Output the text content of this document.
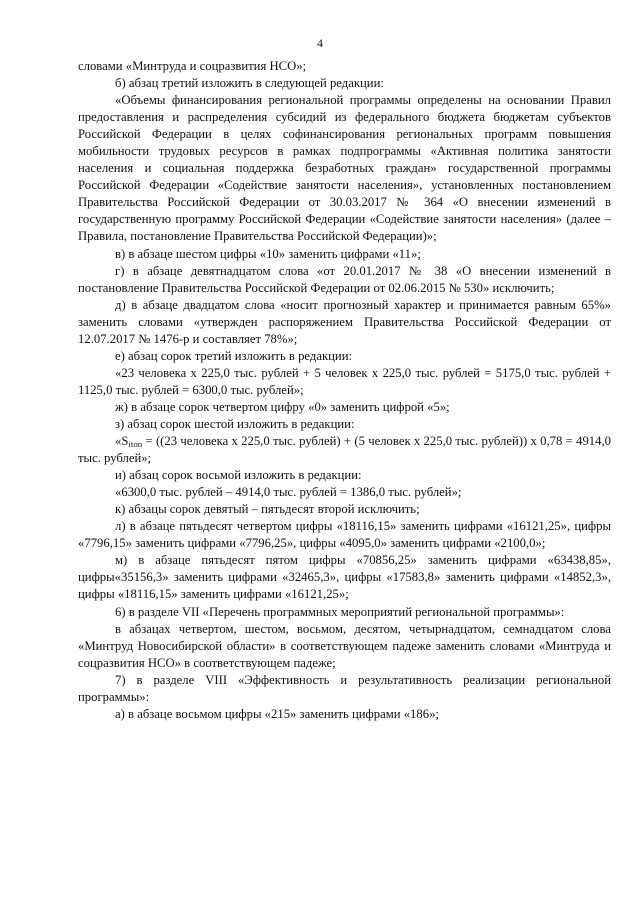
4

словами «Минтруда и соцразвития НСО»;

б) абзац третий изложить в следующей редакции:

«Объемы финансирования региональной программы определены на основании Правил предоставления и распределения субсидий из федерального бюджета бюджетам субъектов Российской Федерации в целях софинансирования региональных программ повышения мобильности трудовых ресурсов в рамках подпрограммы «Активная политика занятости населения и социальная поддержка безработных граждан» государственной программы Российской Федерации «Содействие занятости населения», установленных постановлением Правительства Российской Федерации от 30.03.2017 № 364 «О внесении изменений в государственную программу Российской Федерации «Содействие занятости населения» (далее – Правила, постановление Правительства Российской Федерации)»;

в) в абзаце шестом цифры «10» заменить цифрами «11»;

г) в абзаце девятнадцатом слова «от 20.01.2017 № 38 «О внесении изменений в постановление Правительства Российской Федерации от 02.06.2015 № 530» исключить;

д) в абзаце двадцатом слова «носит прогнозный характер и принимается равным 65%» заменить словами «утвержден распоряжением Правительства Российской Федерации от 12.07.2017 № 1476-р и составляет 78%»;

е) абзац сорок третий изложить в редакции:

«23 человека х 225,0 тыс. рублей + 5 человек х 225,0 тыс. рублей = 5175,0 тыс. рублей + 1125,0 тыс. рублей = 6300,0 тыс. рублей»;

ж) в абзаце сорок четвертом цифру «0» заменить цифрой «5»;

з) абзац сорок шестой изложить в редакции:

«$S_{iton} = ((23$ человека х 225,0 тыс. рублей) + (5 человек х 225,0 тыс. рублей)) х 0,78 = 4914,0 тыс. рублей»;

и) абзац сорок восьмой изложить в редакции:

«6300,0 тыс. рублей – 4914,0 тыс. рублей = 1386,0 тыс. рублей»;

к) абзацы сорок девятый – пятьдесят второй исключить;

л) в абзаце пятьдесят четвертом цифры «18116,15» заменить цифрами «16121,25», цифры «7796,15» заменить цифрами «7796,25», цифры «4095,0» заменить цифрами «2100,0»;

м) в абзаце пятьдесят пятом цифры «70856,25» заменить цифрами «63438,85», цифры«35156,3» заменить цифрами «32465,3», цифры «17583,8» заменить цифрами «14852,3», цифры «18116,15» заменить цифрами «16121,25»;

6) в разделе VII «Перечень программных мероприятий региональной программы»:

в абзацах четвертом, шестом, восьмом, десятом, четырнадцатом, семнадцатом слова «Минтруд Новосибирской области» в соответствующем падеже заменить словами «Минтруда и соцразвития НСО» в соответствующем падеже;

7) в разделе VIII «Эффективность и результативность реализации региональной программы»:

а) в абзаце восьмом цифры «215» заменить цифрами «186»;
